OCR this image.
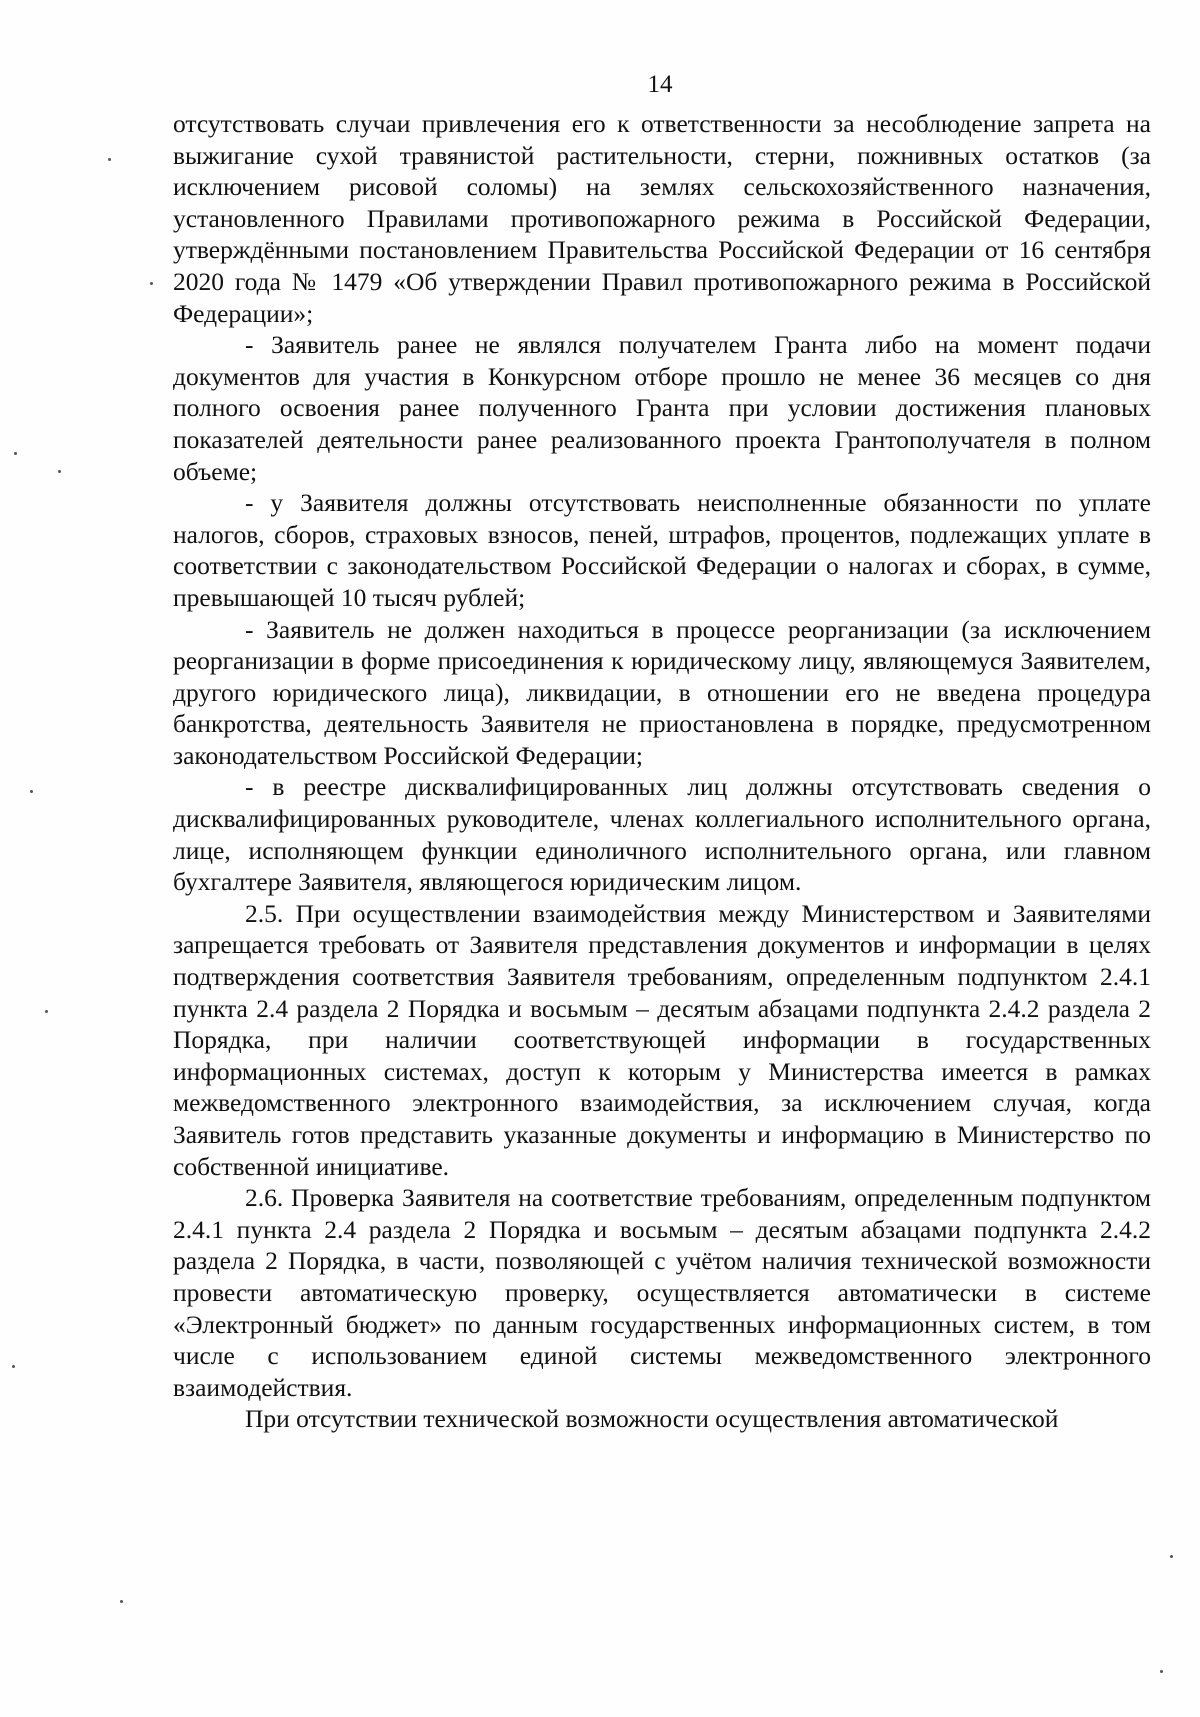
14

отсутствовать случаи привлечения его к ответственности за несоблюдение запрета на выжигание сухой травянистой растительности, стерни, пожнивных остатков (за исключением рисовой соломы) на землях сельскохозяйственного назначения, установленного Правилами противопожарного режима в Российской Федерации, утверждёнными постановлением Правительства Российской Федерации от 16 сентября 2020 года № 1479 «Об утверждении Правил противопожарного режима в Российской Федерации»;

- Заявитель ранее не являлся получателем Гранта либо на момент подачи документов для участия в Конкурсном отборе прошло не менее 36 месяцев со дня полного освоения ранее полученного Гранта при условии достижения плановых показателей деятельности ранее реализованного проекта Грантополучателя в полном объеме;

- у Заявителя должны отсутствовать неисполненные обязанности по уплате налогов, сборов, страховых взносов, пеней, штрафов, процентов, подлежащих уплате в соответствии с законодательством Российской Федерации о налогах и сборах, в сумме, превышающей 10 тысяч рублей;

- Заявитель не должен находиться в процессе реорганизации (за исключением реорганизации в форме присоединения к юридическому лицу, являющемуся Заявителем, другого юридического лица), ликвидации, в отношении его не введена процедура банкротства, деятельность Заявителя не приостановлена в порядке, предусмотренном законодательством Российской Федерации;

- в реестре дисквалифицированных лиц должны отсутствовать сведения о дисквалифицированных руководителе, членах коллегиального исполнительного органа, лице, исполняющем функции единоличного исполнительного органа, или главном бухгалтере Заявителя, являющегося юридическим лицом.

2.5. При осуществлении взаимодействия между Министерством и Заявителями запрещается требовать от Заявителя представления документов и информации в целях подтверждения соответствия Заявителя требованиям, определенным подпунктом 2.4.1 пункта 2.4 раздела 2 Порядка и восьмым – десятым абзацами подпункта 2.4.2 раздела 2 Порядка, при наличии соответствующей информации в государственных информационных системах, доступ к которым у Министерства имеется в рамках межведомственного электронного взаимодействия, за исключением случая, когда Заявитель готов представить указанные документы и информацию в Министерство по собственной инициативе.

2.6. Проверка Заявителя на соответствие требованиям, определенным подпунктом 2.4.1 пункта 2.4 раздела 2 Порядка и восьмым – десятым абзацами подпункта 2.4.2 раздела 2 Порядка, в части, позволяющей с учётом наличия технической возможности провести автоматическую проверку, осуществляется автоматически в системе «Электронный бюджет» по данным государственных информационных систем, в том числе с использованием единой системы межведомственного электронного взаимодействия.

При отсутствии технической возможности осуществления автоматической
